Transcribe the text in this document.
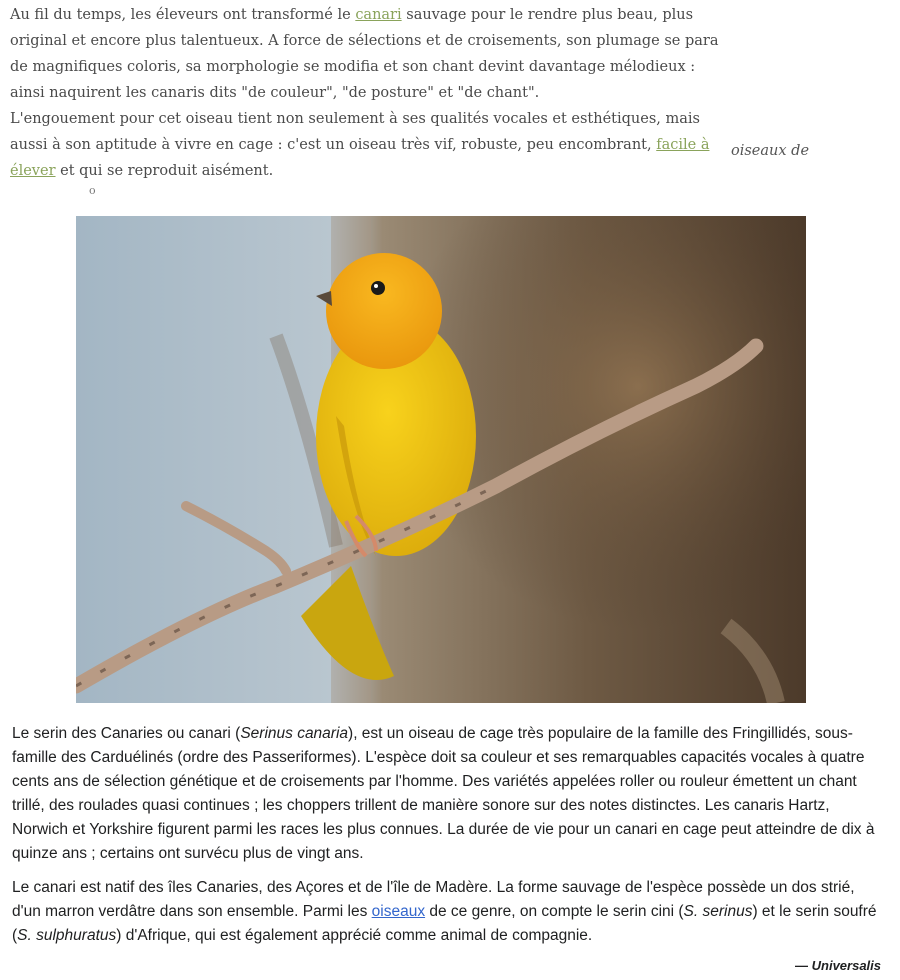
Au fil du temps, les éleveurs ont transformé le canari sauvage pour le rendre plus beau, plus original et encore plus talentueux. A force de sélections et de croisements, son plumage se para de magnifiques coloris, sa morphologie se modifia et son chant devint davantage mélodieux : ainsi naquirent les canaris dits "de couleur", "de posture" et "de chant".

L'engouement pour cet oiseau tient non seulement à ses qualités vocales et esthétiques, mais aussi à son aptitude à vivre en cage : c'est un oiseau très vif, robuste, peu encombrant, facile à élever et qui se reproduit aisément.

oiseaux de
o

Le serin des Canaries ou canari (Serinus canaria), est un oiseau de cage très populaire de la famille des Fringillidés, sous-famille des Carduélinés (ordre des Passeriformes). L'espèce doit sa couleur et ses remarquables capacités vocales à quatre cents ans de sélection génétique et de croisements par l'homme. Des variétés appelées roller ou rouleur émettent un chant trillé, des roulades quasi continues ; les choppers trillent de manière sonore sur des notes distinctes. Les canaris Hartz, Norwich et Yorkshire figurent parmi les races les plus connues. La durée de vie pour un canari en cage peut atteindre de dix à quinze ans ; certains ont survécu plus de vingt ans.

Le canari est natif des îles Canaries, des Açores et de l'île de Madère. La forme sauvage de l'espèce possède un dos strié, d'un marron verdâtre dans son ensemble. Parmi les oiseaux de ce genre, on compte le serin cini (S. serinus) et le serin soufré (S. sulphuratus) d'Afrique, qui est également apprécié comme animal de compagnie.

— Universalis
